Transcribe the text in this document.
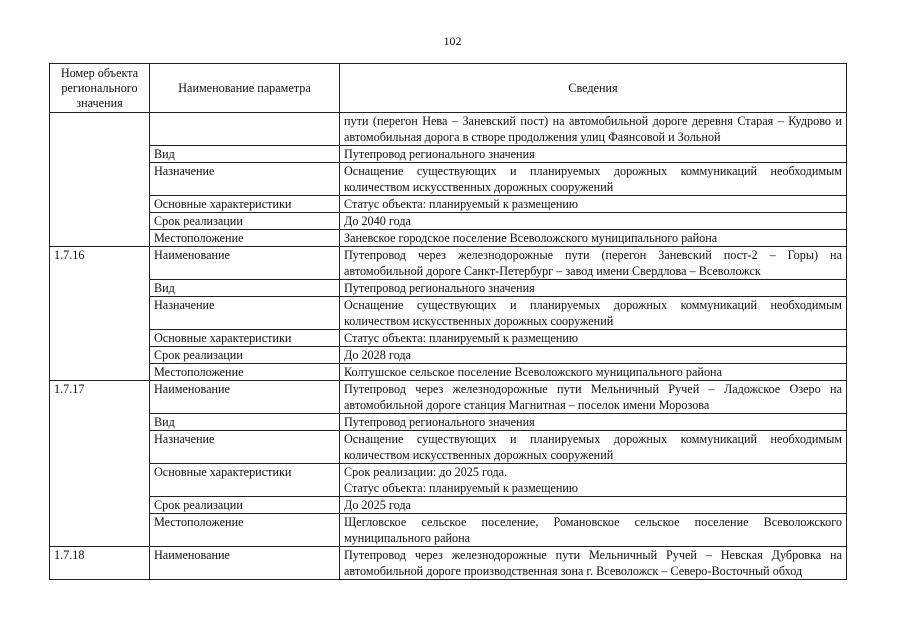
102
Номер объекта регионального значения	Наименование параметра	Сведения
		пути (перегон Нева – Заневский пост) на автомобильной дороге деревня Старая – Кудрово и автомобильная дорога в створе продолжения улиц Фаянсовой и Зольной
	Вид	Путепровод регионального значения
	Назначение	Оснащение существующих и планируемых дорожных коммуникаций необходимым количеством искусственных дорожных сооружений
	Основные характеристики	Статус объекта: планируемый к размещению
	Срок реализации	До 2040 года
	Местоположение	Заневское городское поселение Всеволожского муниципального района
1.7.16	Наименование	Путепровод через железнодорожные пути (перегон Заневский пост-2 – Горы) на автомобильной дороге Санкт-Петербург – завод имени Свердлова – Всеволожск
	Вид	Путепровод регионального значения
	Назначение	Оснащение существующих и планируемых дорожных коммуникаций необходимым количеством искусственных дорожных сооружений
	Основные характеристики	Статус объекта: планируемый к размещению
	Срок реализации	До 2028 года
	Местоположение	Колтушское сельское поселение Всеволожского муниципального района
1.7.17	Наименование	Путепровод через железнодорожные пути Мельничный Ручей – Ладожское Озеро на автомобильной дороге станция Магнитная – поселок имени Морозова
	Вид	Путепровод регионального значения
	Назначение	Оснащение существующих и планируемых дорожных коммуникаций необходимым количеством искусственных дорожных сооружений
	Основные характеристики	Срок реализации: до 2025 года.
Статус объекта: планируемый к размещению

	Срок реализации	До 2025 года
	Местоположение	Щегловское сельское поселение, Романовское сельское поселение Всеволожского муниципального района
1.7.18	Наименование	Путепровод через железнодорожные пути Мельничный Ручей – Невская Дубровка на автомобильной дороге производственная зона г. Всеволожск – Северо-Восточный обход
